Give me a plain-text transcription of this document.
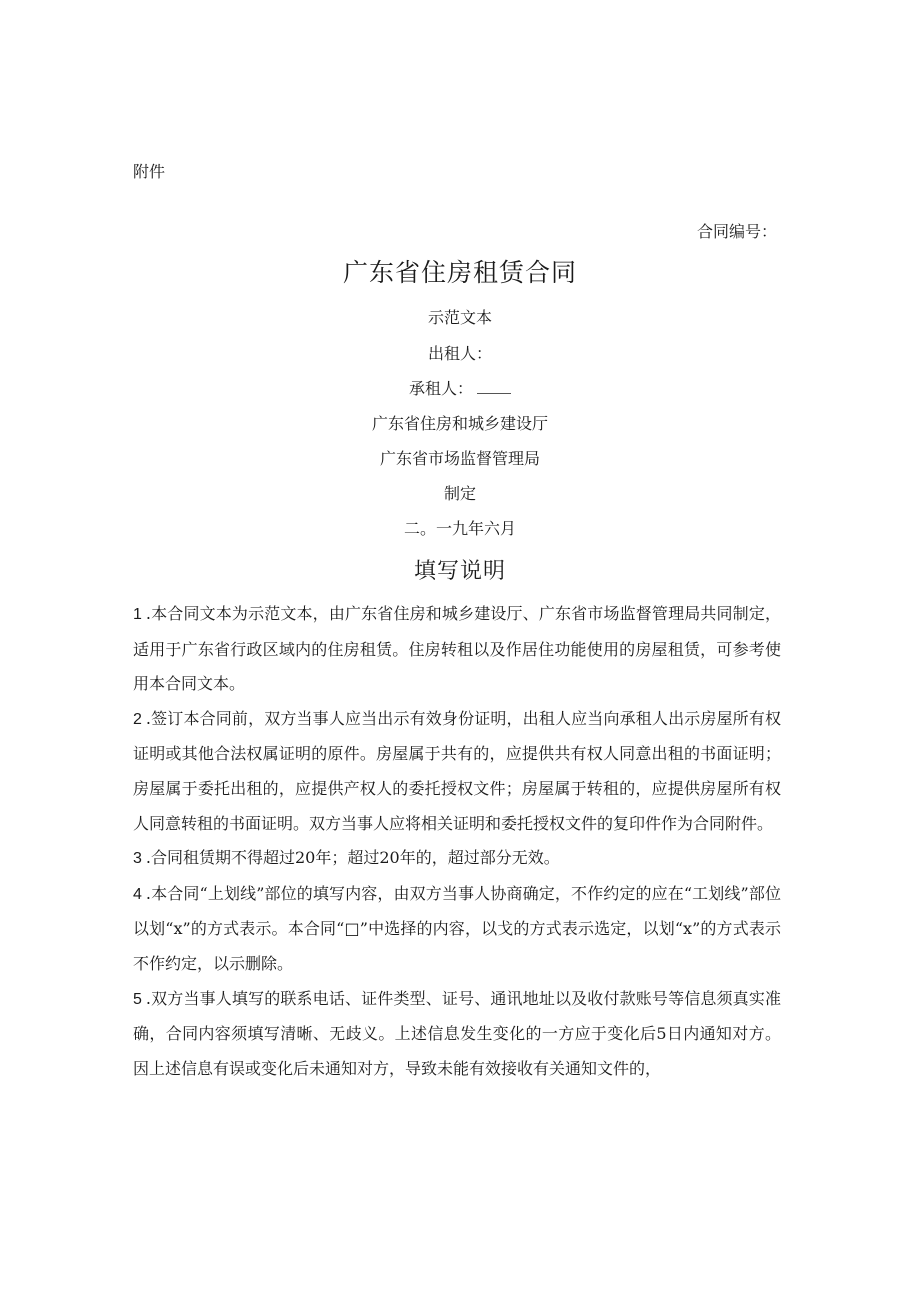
附件
合同编号：
广东省住房租赁合同
示范文本
出租人：
承租人：
广东省住房和城乡建设厅
广东省市场监督管理局
制定
二。一九年六月
填写说明

1 .本合同文本为示范文本，由广东省住房和城乡建设厅、广东省市场监督管理局共同制定，适用于广东省行政区域内的住房租赁。住房转租以及作居住功能使用的房屋租赁，可参考使用本合同文本。

2 .签订本合同前，双方当事人应当出示有效身份证明，出租人应当向承租人出示房屋所有权证明或其他合法权属证明的原件。房屋属于共有的，应提供共有权人同意出租的书面证明；房屋属于委托出租的，应提供产权人的委托授权文件；房屋属于转租的，应提供房屋所有权人同意转租的书面证明。双方当事人应将相关证明和委托授权文件的复印件作为合同附件。

3 .合同租赁期不得超过20年；超过20年的，超过部分无效。

4 .本合同“上划线”部位的填写内容，由双方当事人协商确定，不作约定的应在“工划线”部位以划“x”的方式表示。本合同“□”中选择的内容，以戈的方式表示选定，以划“x”的方式表示不作约定，以示删除。

5 .双方当事人填写的联系电话、证件类型、证号、通讯地址以及收付款账号等信息须真实准确，合同内容须填写清晰、无歧义。上述信息发生变化的一方应于变化后5日内通知对方。因上述信息有误或变化后未通知对方，导致未能有效接收有关通知文件的，
